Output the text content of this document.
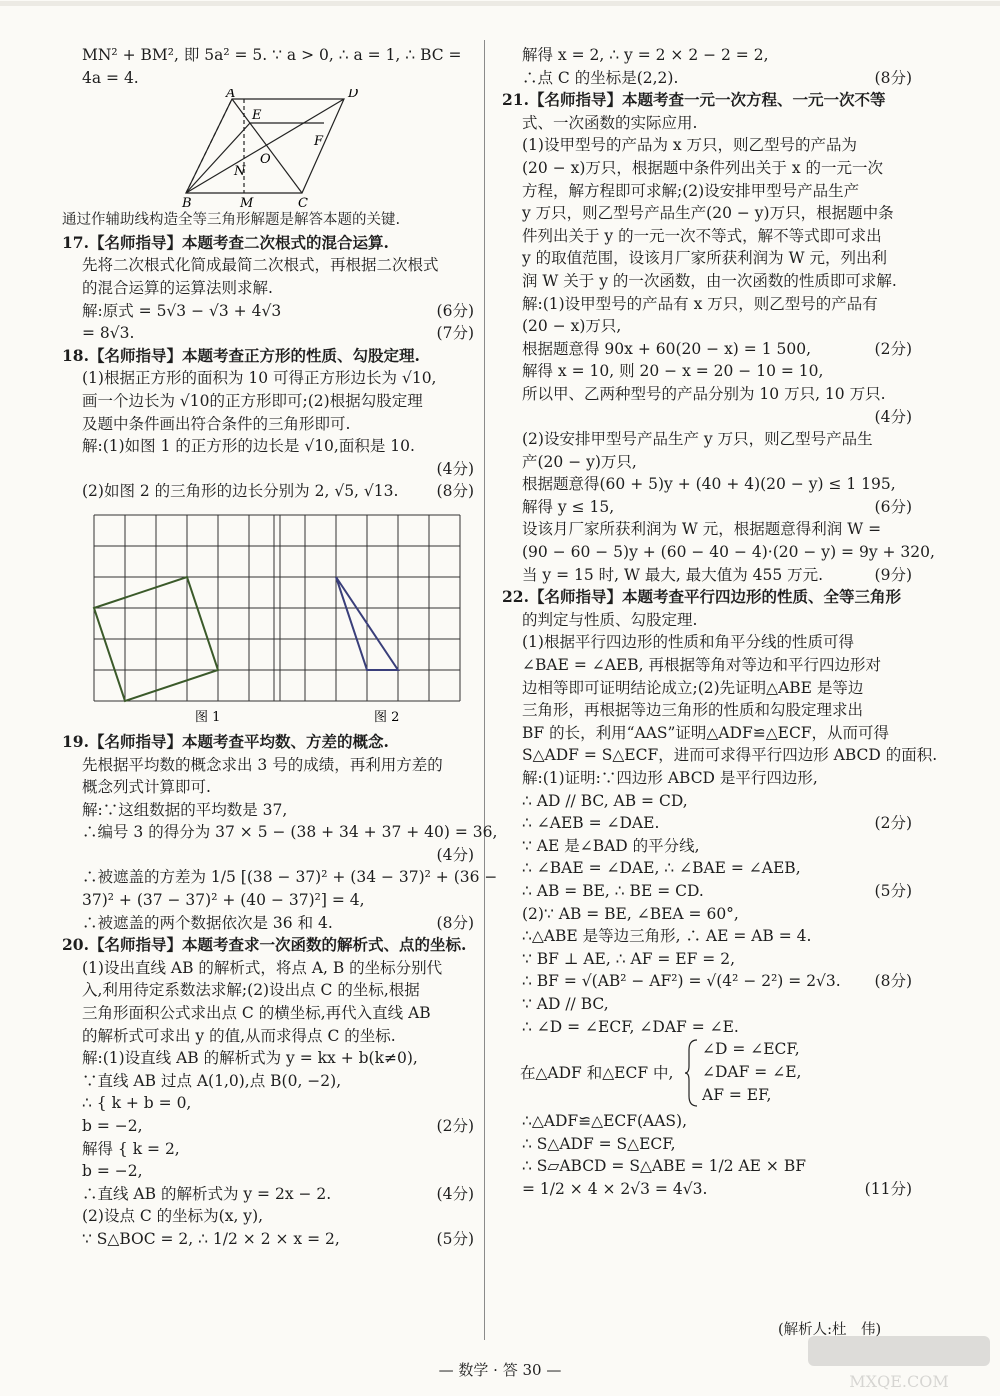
MN² + BM², 即 5a² = 5. ∵ a > 0, ∴ a = 1, ∴ BC =
4a = 4.
A	D
E
F
O
N
B	M	C
通过作辅助线构造全等三角形解题是解答本题的关键.
17.【名师指导】本题考查二次根式的混合运算.
先将二次根式化简成最简二次根式，再根据二次根式
的混合运算的运算法则求解.
解:原式 = 5√3 − √3 + 4√3	(6分)
= 8√3.	(7分)
18.【名师指导】本题考查正方形的性质、勾股定理.
(1)根据正方形的面积为 10 可得正方形边长为 √10,
画一个边长为 √10的正方形即可;(2)根据勾股定理
及题中条件画出符合条件的三角形即可.
解:(1)如图 1 的正方形的边长是 √10,面积是 10.
(4分)
(2)如图 2 的三角形的边长分别为 2, √5, √13. (8分)
图 1	图 2
19.【名师指导】本题考查平均数、方差的概念.
先根据平均数的概念求出 3 号的成绩，再利用方差的
概念列式计算即可.
解:∵这组数据的平均数是 37,
∴编号 3 的得分为 37 × 5 − (38 + 34 + 37 + 40) = 36,
(4分)
∴被遮盖的方差为 1/5 [(38 − 37)² + (34 − 37)² + (36 −
37)² + (37 − 37)² + (40 − 37)²] = 4,
∴被遮盖的两个数据依次是 36 和 4.	(8分)
20.【名师指导】本题考查求一次函数的解析式、点的坐标.
(1)设出直线 AB 的解析式，将点 A, B 的坐标分别代
入,利用待定系数法求解;(2)设出点 C 的坐标,根据
三角形面积公式求出点 C 的横坐标,再代入直线 AB
的解析式可求出 y 的值,从而求得点 C 的坐标.
解:(1)设直线 AB 的解析式为 y = kx + b(k≠0),
∵直线 AB 过点 A(1,0),点 B(0, −2),
∴ { k + b = 0,
b = −2,	(2分)
解得 { k = 2,
b = −2,
∴直线 AB 的解析式为 y = 2x − 2.	(4分)
(2)设点 C 的坐标为(x, y),
∵ S△BOC = 2, ∴ 1/2 × 2 × x = 2,	(5分)
解得 x = 2, ∴ y = 2 × 2 − 2 = 2,
∴点 C 的坐标是(2,2).	(8分)
21.【名师指导】本题考查一元一次方程、一元一次不等
式、一次函数的实际应用.
(1)设甲型号的产品为 x 万只，则乙型号的产品为
(20 − x)万只，根据题中条件列出关于 x 的一元一次
方程，解方程即可求解;(2)设安排甲型号产品生产
y 万只，则乙型号产品生产(20 − y)万只，根据题中条
件列出关于 y 的一元一次不等式，解不等式即可求出
y 的取值范围，设该月厂家所获利润为 W 元，列出利
润 W 关于 y 的一次函数，由一次函数的性质即可求解.
解:(1)设甲型号的产品有 x 万只，则乙型号的产品有
(20 − x)万只,
根据题意得 90x + 60(20 − x) = 1 500,	(2分)
解得 x = 10, 则 20 − x = 20 − 10 = 10,
所以甲、乙两种型号的产品分别为 10 万只, 10 万只.
(4分)
(2)设安排甲型号产品生产 y 万只，则乙型号产品生
产(20 − y)万只,
根据题意得(60 + 5)y + (40 + 4)(20 − y) ≤ 1 195,
解得 y ≤ 15,	(6分)
设该月厂家所获利润为 W 元，根据题意得利润 W =
(90 − 60 − 5)y + (60 − 40 − 4)·(20 − y) = 9y + 320,
当 y = 15 时, W 最大, 最大值为 455 万元.	(9分)
22.【名师指导】本题考查平行四边形的性质、全等三角形
的判定与性质、勾股定理.
(1)根据平行四边形的性质和角平分线的性质可得
∠BAE = ∠AEB, 再根据等角对等边和平行四边形对
边相等即可证明结论成立;(2)先证明△ABE 是等边
三角形，再根据等边三角形的性质和勾股定理求出
BF 的长，利用“AAS”证明△ADF≌△ECF，从而可得
S△ADF = S△ECF，进而可求得平行四边形 ABCD 的面积.
解:(1)证明:∵四边形 ABCD 是平行四边形,
∴ AD // BC, AB = CD,
∴ ∠AEB = ∠DAE.	(2分)
∵ AE 是∠BAD 的平分线,
∴ ∠BAE = ∠DAE, ∴ ∠BAE = ∠AEB,
∴ AB = BE, ∴ BE = CD.	(5分)
(2)∵ AB = BE, ∠BEA = 60°,
∴△ABE 是等边三角形, ∴ AE = AB = 4.
∵ BF ⊥ AE, ∴ AF = EF = 2,
∴ BF = √(AB² − AF²) = √(4² − 2²) = 2√3. (8分)
∵ AD // BC,
∴ ∠D = ∠ECF, ∠DAF = ∠E.
在△ADF 和△ECF 中,
∠D = ∠ECF,
∠DAF = ∠E,
AF = EF,
∴△ADF≌△ECF(AAS),
∴ S△ADF = S△ECF,
∴ S▱ABCD = S△ABE = 1/2 AE × BF
= 1/2 × 4 × 2√3 = 4√3.	(11分)
(解析人:杜　伟)
— 数学 · 答 30 —
MXQE.COM
